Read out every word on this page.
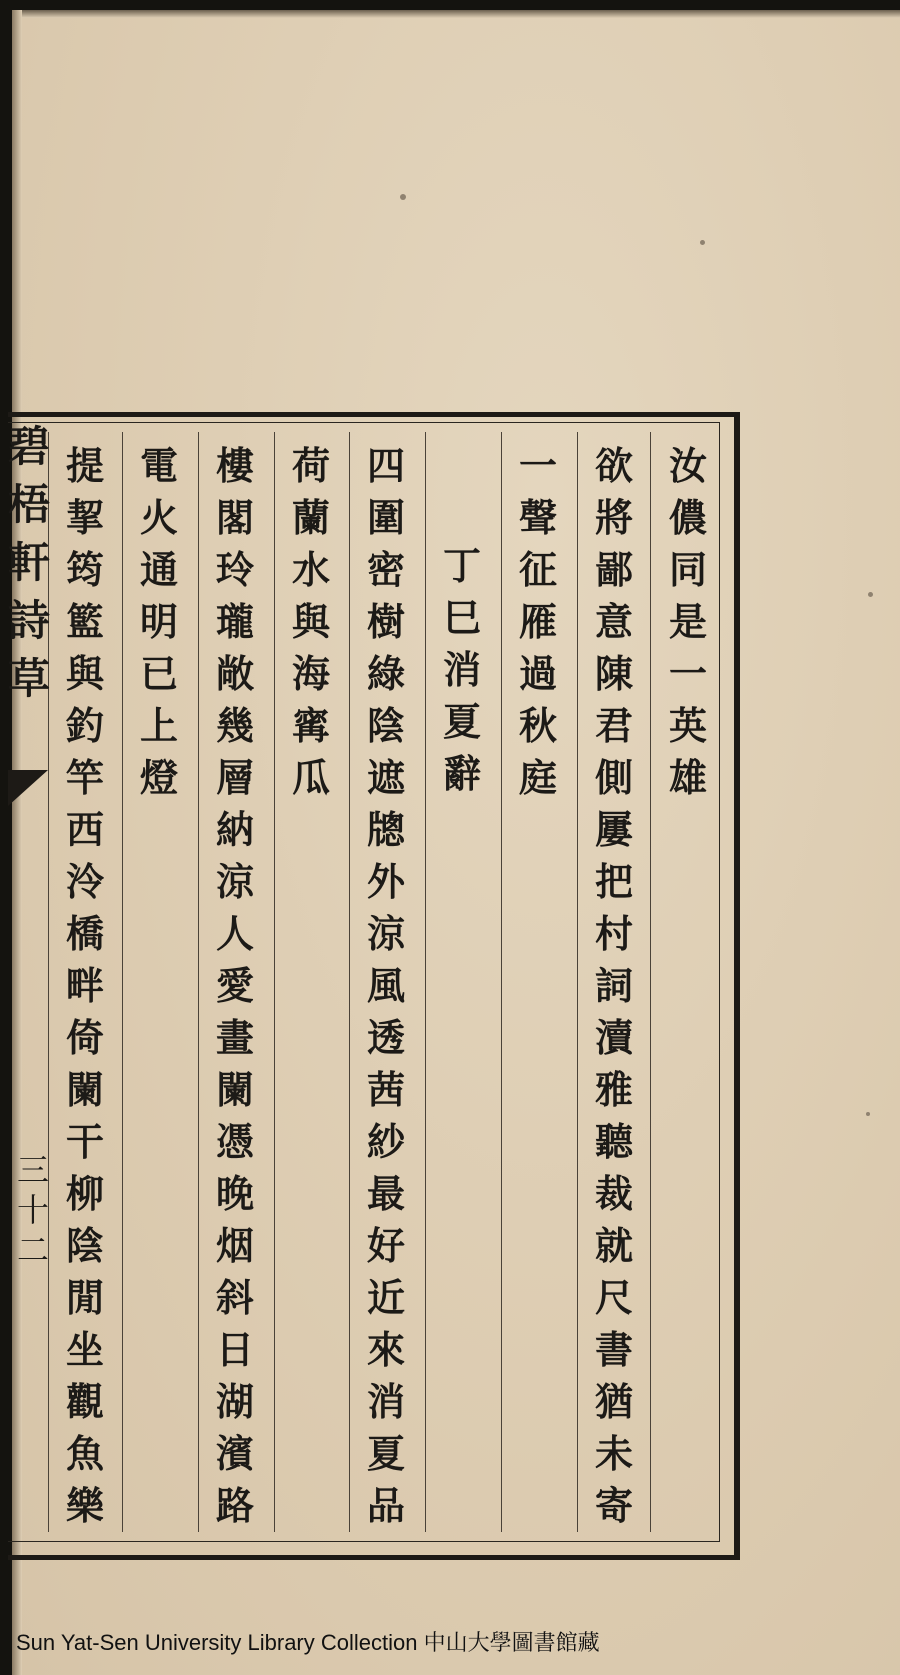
碧
梧
軒
詩
草
三
十
二
汝
儂
同
是
一
英
雄
欲
將
鄙
意
陳
君
側
屢
把
村
詞
瀆
雅
聽
裁
就
尺
書
猶
未
寄
一
聲
征
雁
過
秋
庭
丁
巳
消
夏
辭
四
圍
密
樹
綠
陰
遮
牕
外
涼
風
透
茜
紗
最
好
近
來
消
夏
品
荷
蘭
水
與
海
寗
瓜
樓
閣
玲
瓏
敞
幾
層
納
涼
人
愛
畫
闌
憑
晚
烟
斜
日
湖
濱
路
電
火
通
明
已
上
燈
提
挈
筠
籃
與
釣
竿
西
泠
橋
畔
倚
闌
干
柳
陰
閒
坐
觀
魚
樂
Sun Yat-Sen University Library Collection 中山大學圖書館藏
